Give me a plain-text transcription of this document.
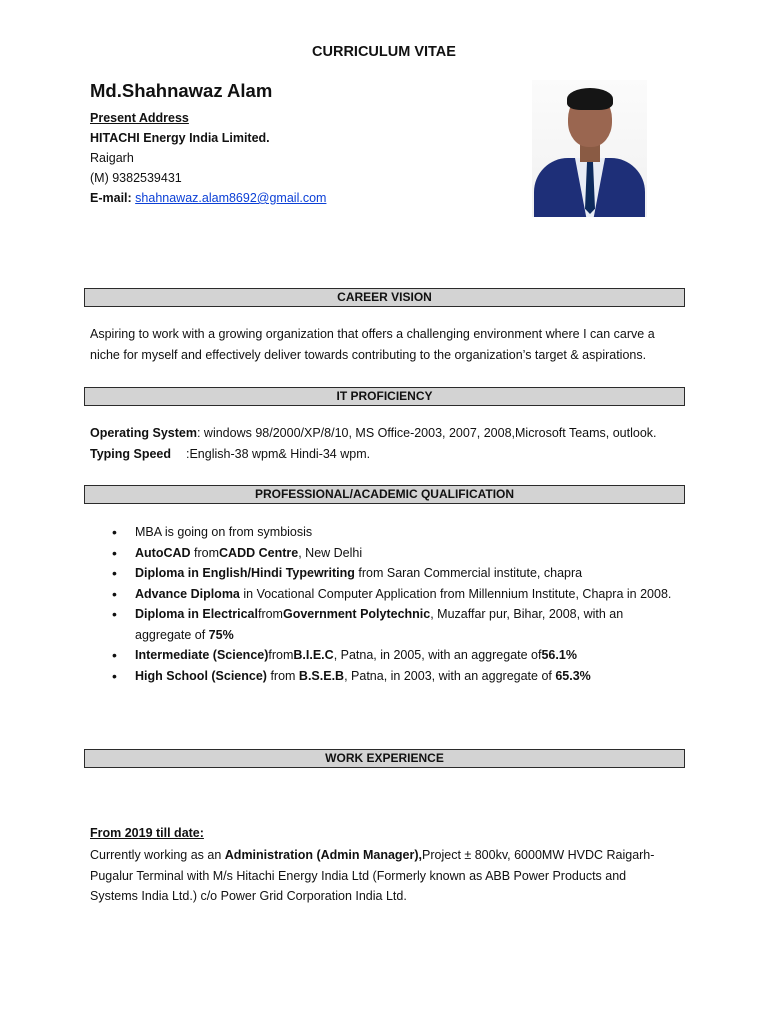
CURRICULUM VITAE
Md.Shahnawaz Alam
Present Address
HITACHI Energy India Limited.
Raigarh
(M) 9382539431
E-mail: shahnawaz.alam8692@gmail.com
CAREER VISION
Aspiring to work with a growing organization that offers a challenging environment where I can carve a niche for myself and effectively deliver towards contributing to the organization’s target & aspirations.
IT PROFICIENCY
Operating System: windows 98/2000/XP/8/10, MS Office-2003, 2007, 2008,Microsoft Teams, outlook.
Typing Speed :English-38 wpm& Hindi-34 wpm.
PROFESSIONAL/ACADEMIC QUALIFICATION
• MBA is going on from symbiosis
• AutoCAD fromCADD Centre, New Delhi
• Diploma in English/Hindi Typewriting from Saran Commercial institute, chapra
• Advance Diploma in Vocational Computer Application from Millennium Institute, Chapra in 2008.
• Diploma in ElectricalfromGovernment Polytechnic, Muzaffar pur, Bihar, 2008, with an aggregate of 75%
• Intermediate (Science)fromB.I.E.C, Patna, in 2005, with an aggregate of56.1%
• High School (Science) from B.S.E.B, Patna, in 2003, with an aggregate of 65.3%
WORK EXPERIENCE
From 2019 till date:
Currently working as an Administration (Admin Manager),Project ± 800kv, 6000MW HVDC Raigarh-Pugalur Terminal with M/s Hitachi Energy India Ltd (Formerly known as ABB Power Products and Systems India Ltd.) c/o Power Grid Corporation India Ltd.
